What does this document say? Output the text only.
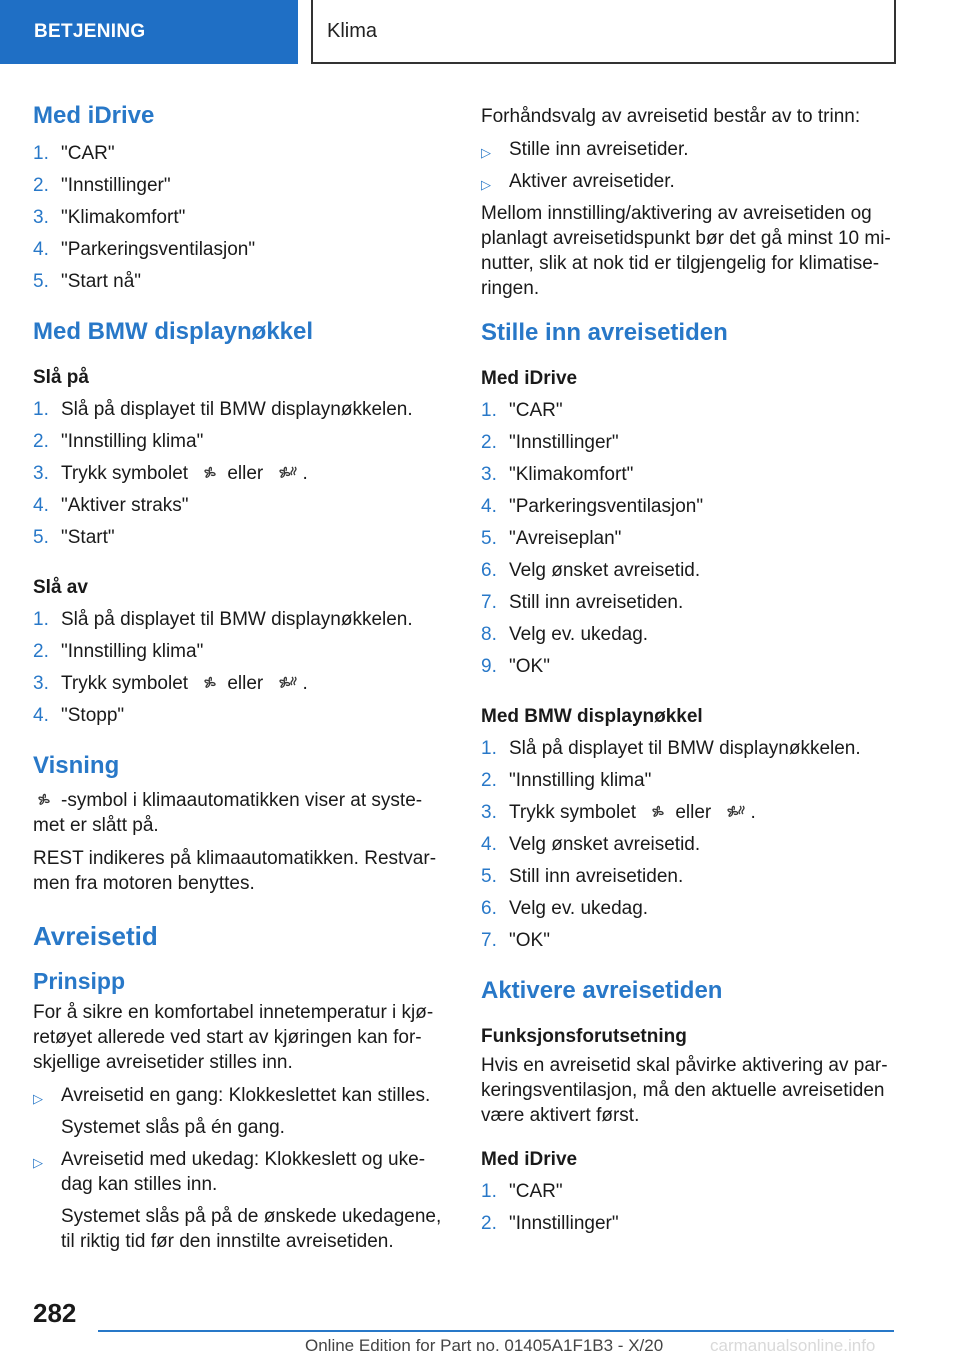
BETJENING	Klima
Med iDrive
1. "CAR"
2. "Innstillinger"
3. "Klimakomfort"
4. "Parkeringsventilasjon"
5. "Start nå"
Med BMW displaynøkkel
Slå på
1. Slå på displayet til BMW displaynøkkelen.
2. "Innstilling klima"
3. Trykk symbolet eller .
4. "Aktiver straks"
5. "Start"
Slå av
1. Slå på displayet til BMW displaynøkkelen.
2. "Innstilling klima"
3. Trykk symbolet eller .
4. "Stopp"
Visning

-symbol i klimaautomatikken viser at syste-met er slått på.

REST indikeres på klimaautomatikken. Restvar-men fra motoren benyttes.

Avreisetid
Prinsipp

For å sikre en komfortabel innetemperatur i kjø-retøyet allerede ved start av kjøringen kan for-skjellige avreisetider stilles inn.

▷ Avreisetid en gang: Klokkeslettet kan stilles.
Systemet slås på én gang.
▷ Avreisetid med ukedag: Klokkeslett og uke-dag kan stilles inn.
Systemet slås på på de ønskede ukedagene, til riktig tid før den innstilte avreisetiden.

Forhåndsvalg av avreisetid består av to trinn:

▷ Stille inn avreisetider.
▷ Aktiver avreisetider.

Mellom innstilling/aktivering av avreisetiden og planlagt avreisetidspunkt bør det gå minst 10 mi-nutter, slik at nok tid er tilgjengelig for klimatise-ringen.

Stille inn avreisetiden
Med iDrive
1. "CAR"
2. "Innstillinger"
3. "Klimakomfort"
4. "Parkeringsventilasjon"
5. "Avreiseplan"
6. Velg ønsket avreisetid.
7. Still inn avreisetiden.
8. Velg ev. ukedag.
9. "OK"
Med BMW displaynøkkel
1. Slå på displayet til BMW displaynøkkelen.
2. "Innstilling klima"
3. Trykk symbolet eller .
4. Velg ønsket avreisetid.
5. Still inn avreisetiden.
6. Velg ev. ukedag.
7. "OK"
Aktivere avreisetiden
Funksjonsforutsetning

Hvis en avreisetid skal påvirke aktivering av par-keringsventilasjon, må den aktuelle avreisetiden være aktivert først.

Med iDrive
1. "CAR"
2. "Innstillinger"
282
Online Edition for Part no. 01405A1F1B3 - X/20	carmanualsonline.info
